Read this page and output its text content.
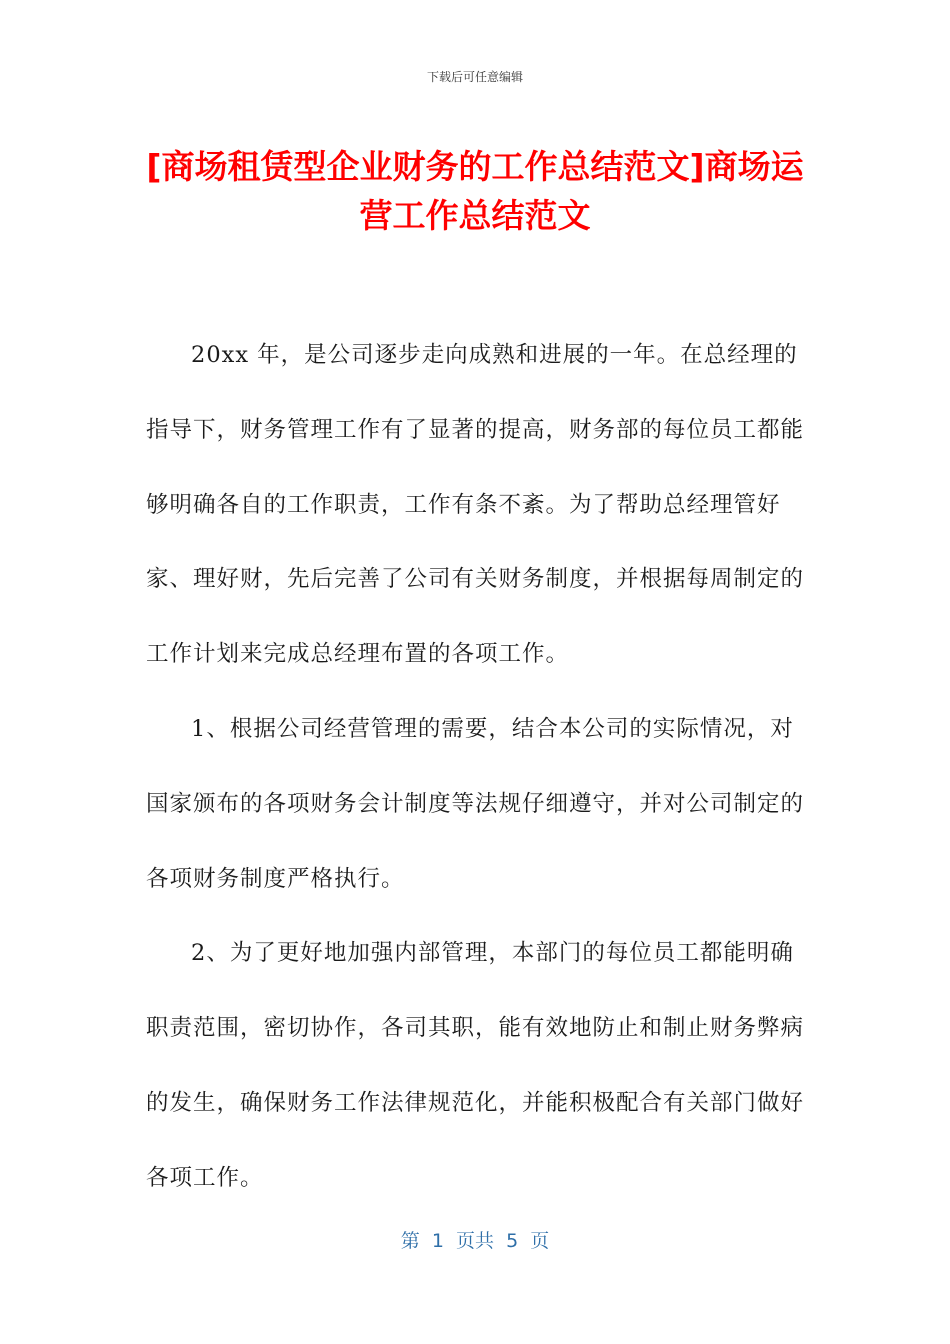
下载后可任意编辑
[商场租赁型企业财务的工作总结范文]商场运营工作总结范文

20xx 年，是公司逐步走向成熟和进展的一年。在总经理的指导下，财务管理工作有了显著的提高，财务部的每位员工都能够明确各自的工作职责，工作有条不紊。为了帮助总经理管好家、理好财，先后完善了公司有关财务制度，并根据每周制定的工作计划来完成总经理布置的各项工作。

1、根据公司经营管理的需要，结合本公司的实际情况，对国家颁布的各项财务会计制度等法规仔细遵守，并对公司制定的各项财务制度严格执行。

2、为了更好地加强内部管理，本部门的每位员工都能明确职责范围，密切协作，各司其职，能有效地防止和制止财务弊病的发生，确保财务工作法律规范化，并能积极配合有关部门做好各项工作。

第  1  页共  5  页
